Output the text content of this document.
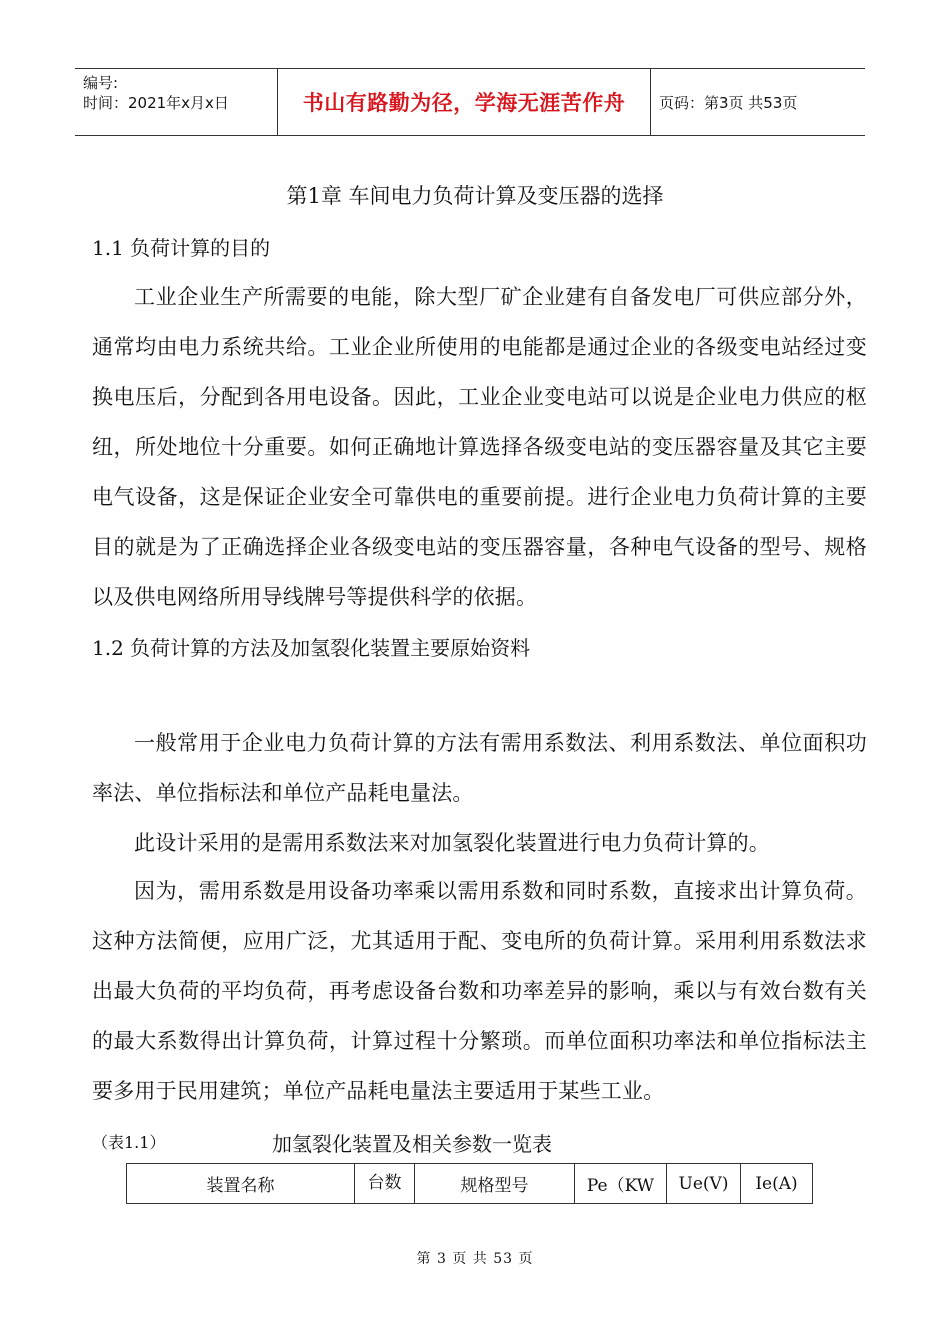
编号:
时间：2021年x月x日	书山有路勤为径，学海无涯苦作舟 页码：第3页 共53页
第1章 车间电力负荷计算及变压器的选择
1.1 负荷计算的目的

工业企业生产所需要的电能，除大型厂矿企业建有自备发电厂可供应部分外，通常均由电力系统共给。工业企业所使用的电能都是通过企业的各级变电站经过变换电压后，分配到各用电设备。因此，工业企业变电站可以说是企业电力供应的枢纽，所处地位十分重要。如何正确地计算选择各级变电站的变压器容量及其它主要电气设备，这是保证企业安全可靠供电的重要前提。进行企业电力负荷计算的主要目的就是为了正确选择企业各级变电站的变压器容量，各种电气设备的型号、规格以及供电网络所用导线牌号等提供科学的依据。

1.2 负荷计算的方法及加氢裂化装置主要原始资料

一般常用于企业电力负荷计算的方法有需用系数法、利用系数法、单位面积功率法、单位指标法和单位产品耗电量法。

此设计采用的是需用系数法来对加氢裂化装置进行电力负荷计算的。

因为，需用系数是用设备功率乘以需用系数和同时系数，直接求出计算负荷。这种方法简便，应用广泛，尤其适用于配、变电所的负荷计算。采用利用系数法求出最大负荷的平均负荷，再考虑设备台数和功率差异的影响，乘以与有效台数有关的最大系数得出计算负荷，计算过程十分繁琐。而单位面积功率法和单位指标法主要多用于民用建筑；单位产品耗电量法主要适用于某些工业。

（表1.1）	加氢裂化装置及相关参数一览表
装置名称	台数	规格型号	Pe（KW	Ue(V)	Ie(A)
第 3 页 共 53 页
